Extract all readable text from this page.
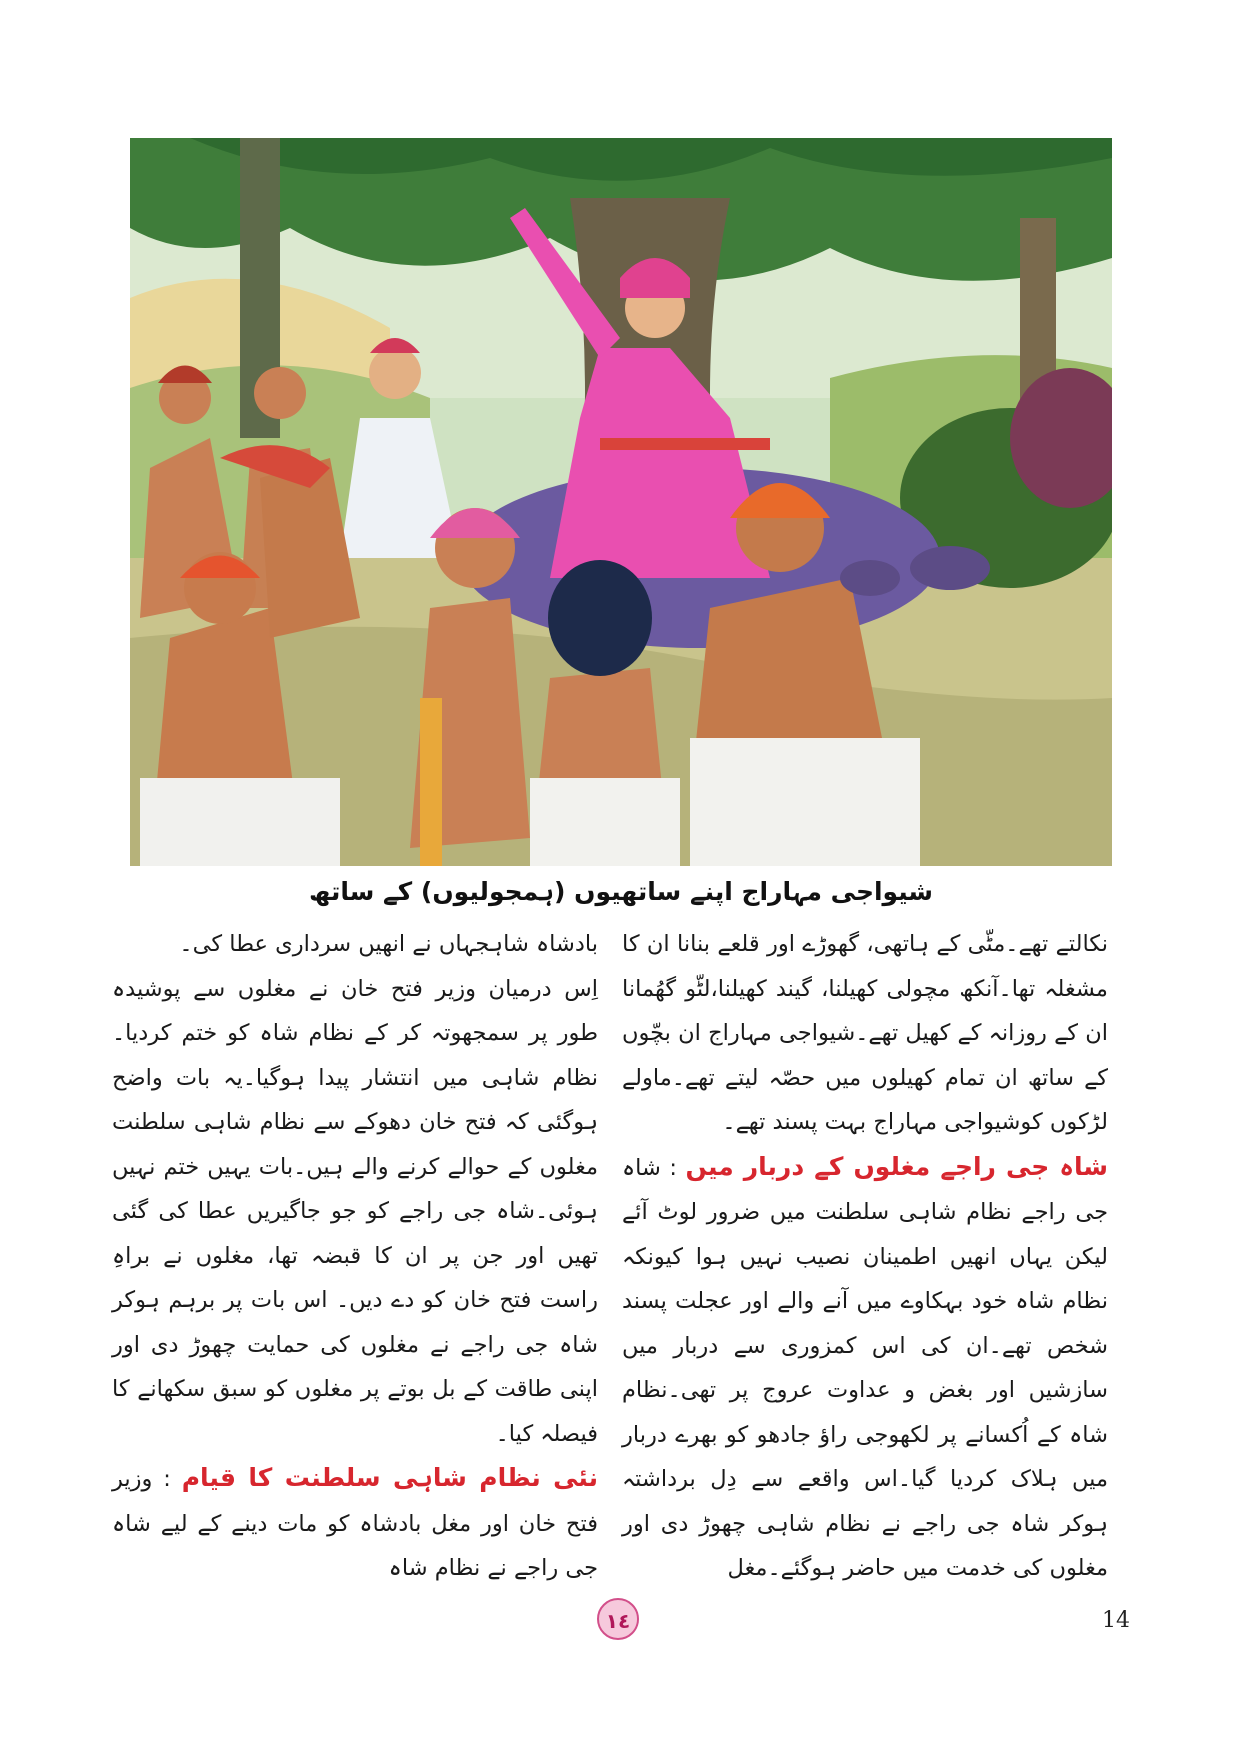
شیواجی مہاراج اپنے ساتھیوں (ہمجولیوں) کے ساتھ

نکالتے تھے۔مٹّی کے ہاتھی، گھوڑے اور قلعے بنانا ان کا مشغلہ تھا۔آنکھ مچولی کھیلنا، گیند کھیلنا،لٹّو گھُمانا ان کے روزانہ کے کھیل تھے۔شیواجی مہاراج ان بچّوں کے ساتھ ان تمام کھیلوں میں حصّہ لیتے تھے۔ماولے لڑکوں کوشیواجی مہاراج بہت پسند تھے۔

شاہ جی راجے مغلوں کے دربار میں : شاہ جی راجے نظام شاہی سلطنت میں ضرور لوٹ آئے لیکن یہاں انھیں اطمینان نصیب نہیں ہوا کیونکہ نظام شاہ خود بہکاوے میں آنے والے اور عجلت پسند شخص تھے۔ان کی اس کمزوری سے دربار میں سازشیں اور بغض و عداوت عروج پر تھی۔نظام شاہ کے اُکسانے پر لکھوجی راؤ جادھو کو بھرے دربار میں ہلاک کردیا گیا۔اس واقعے سے دِل برداشتہ ہوکر شاہ جی راجے نے نظام شاہی چھوڑ دی اور مغلوں کی خدمت میں حاضر ہوگئے۔مغل

بادشاہ شاہجہاں نے انھیں سرداری عطا کی۔

اِس درمیان وزیر فتح خان نے مغلوں سے پوشیدہ طور پر سمجھوتہ کر کے نظام شاہ کو ختم کردیا۔نظام شاہی میں انتشار پیدا ہوگیا۔یہ بات واضح ہوگئی کہ فتح خان دھوکے سے نظام شاہی سلطنت مغلوں کے حوالے کرنے والے ہیں۔بات یہیں ختم نہیں ہوئی۔شاہ جی راجے کو جو جاگیریں عطا کی گئی تھیں اور جن پر ان کا قبضہ تھا، مغلوں نے براہِ راست فتح خان کو دے دیں۔ اس بات پر برہم ہوکر شاہ جی راجے نے مغلوں کی حمایت چھوڑ دی اور اپنی طاقت کے بل بوتے پر مغلوں کو سبق سکھانے کا فیصلہ کیا۔

نئی نظام شاہی سلطنت کا قیام : وزیر فتح خان اور مغل بادشاہ کو مات دینے کے لیے شاہ جی راجے نے نظام شاہ

١٤	14
